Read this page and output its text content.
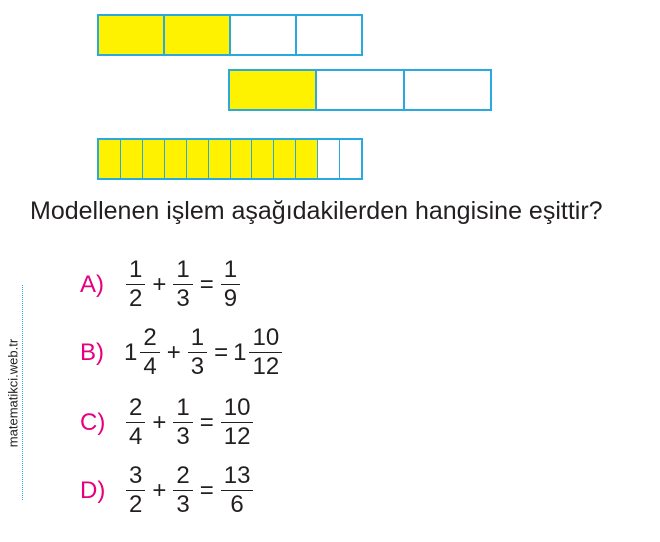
Modellenen işlem aşağıdakilerden hangisine eşittir?
$A) \frac{1}{2} + \frac{1}{3} = \frac{1}{9}$
B) $1 \frac{2}{4} + \frac{1}{3} = 1 \frac{10}{12}$
$C) \frac{2}{4} + \frac{1}{3} = \frac{10}{12}$
$D) \frac{3}{2} + \frac{2}{3} = \frac{13}{6}$
matematikci.web.tr
